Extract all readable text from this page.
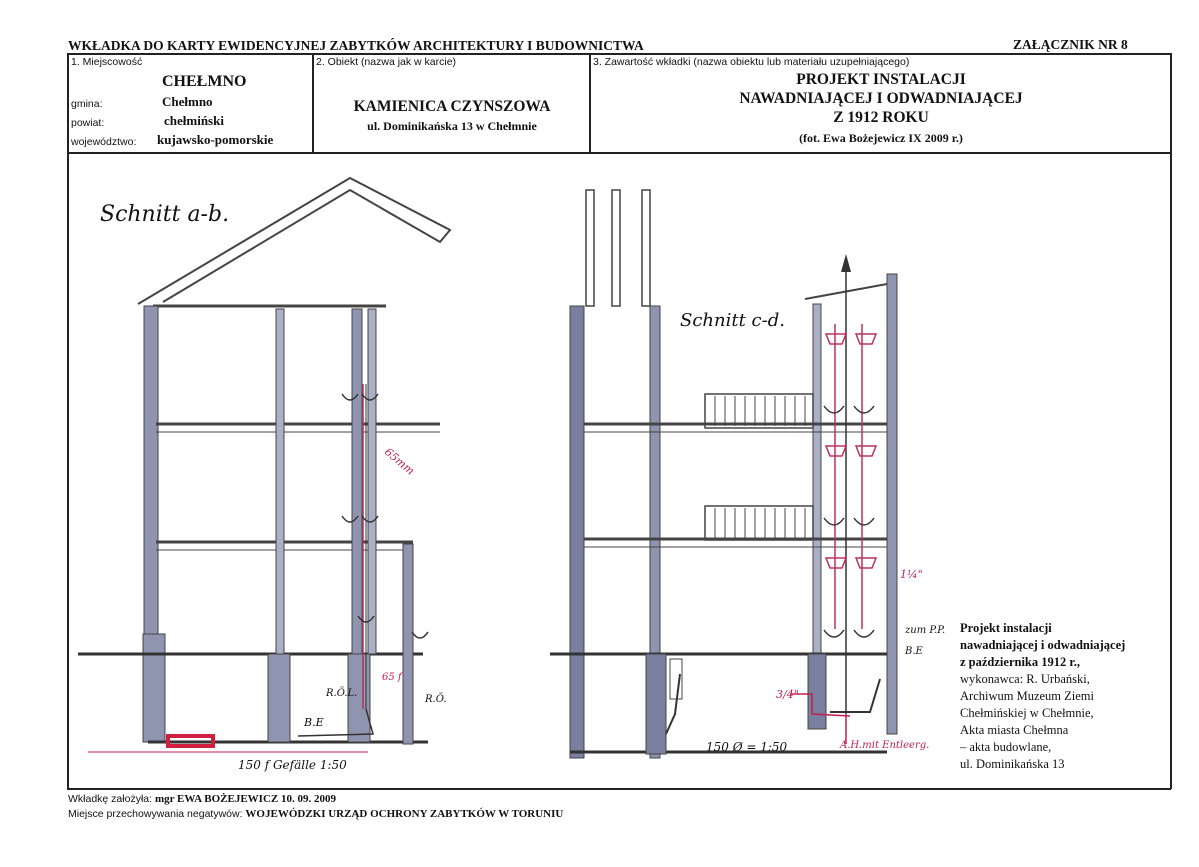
WKŁADKA DO KARTY EWIDENCYJNEJ ZABYTKÓW ARCHITEKTURY I BUDOWNICTWA	ZAŁĄCZNIK NR 8
1. Miejscowość
CHEŁMNO
gmina:	Chełmno
powiat:	chełmiński
województwo: kujawsko-pomorskie
2. Obiekt (nazwa jak w karcie)
KAMIENICA CZYNSZOWA
ul. Dominikańska 13 w Chełmnie
3. Zawartość wkładki (nazwa obiektu lub materiału uzupełniającego)
PROJEKT INSTALACJI
NAWADNIAJĄCEJ I ODWADNIAJĄCEJ
Z 1912 ROKU
(fot. Ewa Bożejewicz IX 2009 r.)
Schnitt a-b.
Schnitt c-d.
65mm
R.Ö.L.
65 f
R.Ö.
B.E
150 f Gefälle 1:50
1¼"
zum P.P.
B.E
3/4"
150 Ø = 1:50	A.H.mit Entleerg.
Projekt instalacji
nawadniającej i odwadniającej
z października 1912 r.,
wykonawca: R. Urbański,
Archiwum Muzeum Ziemi
Chełmińskiej w Chełmnie,
Akta miasta Chełmna
– akta budowlane,
ul. Dominikańska 13
Wkładkę założyła: mgr EWA BOŻEJEWICZ 10. 09. 2009
Miejsce przechowywania negatywów: WOJEWÓDZKI URZĄD OCHRONY ZABYTKÓW W TORUNIU
